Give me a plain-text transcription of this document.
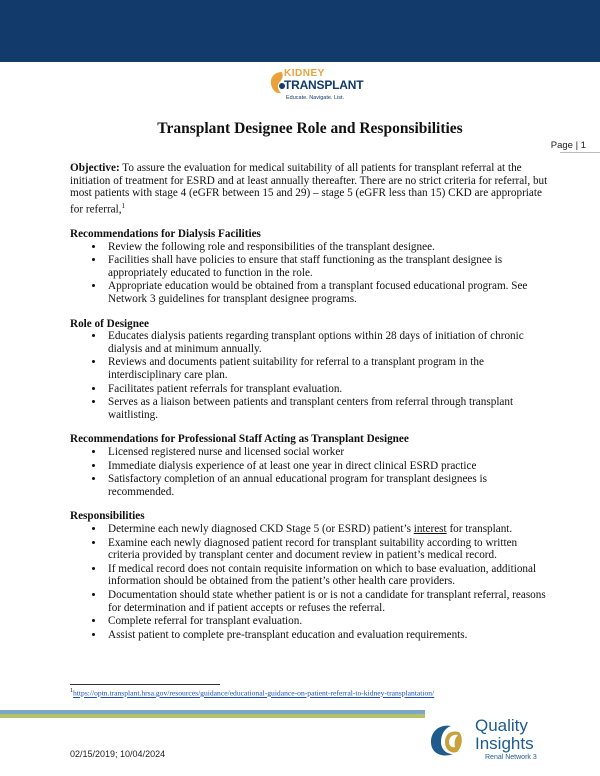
KIDNEY
TRANSPLANT
Educate. Navigate. List.
Transplant Designee Role and Responsibilities
Page | 1

Objective: To assure the evaluation for medical suitability of all patients for transplant referral at the initiation of treatment for ESRD and at least annually thereafter. There are no strict criteria for referral, but most patients with stage 4 (eGFR between 15 and 29) – stage 5 (eGFR less than 15) CKD are appropriate for referral,$^1$

Recommendations for Dialysis Facilities

• Review the following role and responsibilities of the transplant designee.
• Facilities shall have policies to ensure that staff functioning as the transplant designee is appropriately educated to function in the role.
• Appropriate education would be obtained from a transplant focused educational program. See Network 3 guidelines for transplant designee programs.

Role of Designee

• Educates dialysis patients regarding transplant options within 28 days of initiation of chronic dialysis and at minimum annually.
• Reviews and documents patient suitability for referral to a transplant program in the interdisciplinary care plan.
• Facilitates patient referrals for transplant evaluation.
• Serves as a liaison between patients and transplant centers from referral through transplant waitlisting.

Recommendations for Professional Staff Acting as Transplant Designee

• Licensed registered nurse and licensed social worker
• Immediate dialysis experience of at least one year in direct clinical ESRD practice
• Satisfactory completion of an annual educational program for transplant designees is recommended.

Responsibilities

• Determine each newly diagnosed CKD Stage 5 (or ESRD) patient’s interest for transplant.
• Examine each newly diagnosed patient record for transplant suitability according to written criteria provided by transplant center and document review in patient’s medical record.
• If medical record does not contain requisite information on which to base evaluation, additional information should be obtained from the patient’s other health care providers.
• Documentation should state whether patient is or is not a candidate for transplant referral, reasons for determination and if patient accepts or refuses the referral.
• Complete referral for transplant evaluation.
• Assist patient to complete pre-transplant education and evaluation requirements.
$^1$https://optn.transplant.hrsa.gov/resources/guidance/educational-guidance-on-patient-referral-to-kidney-transplantation/
02/15/2019; 10/04/2024
Quality
Insights
Renal Network 3
